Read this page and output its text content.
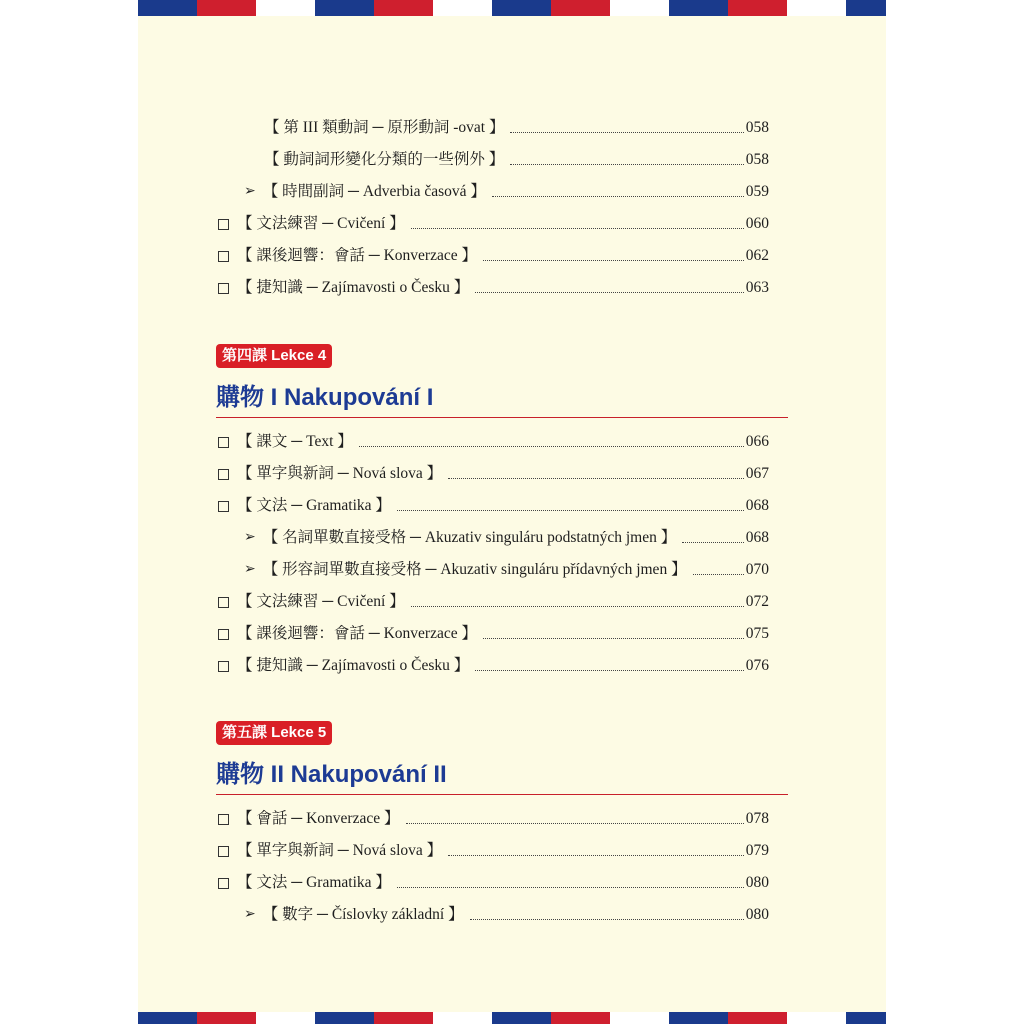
【 第 III 類動詞 ─ 原形動詞 -ovat 】	058
【 動詞詞形變化分類的一些例外 】	058
➢ 【 時間副詞 ─ Adverbia časová 】	059
【 文法練習 ─ Cvičení 】	060
【 課後迴響：會話 ─ Konverzace 】	062
【 捷知識 ─ Zajímavosti o Česku 】	063
第四課 Lekce 4
購物 I Nakupování I
【 課文 ─ Text 】	066
【 單字與新詞 ─ Nová slova 】	067
【 文法 ─ Gramatika 】	068
➢ 【 名詞單數直接受格 ─ Akuzativ singuláru podstatných jmen 】	068
➢ 【 形容詞單數直接受格 ─ Akuzativ singuláru přídavných jmen 】	070
【 文法練習 ─ Cvičení 】	072
【 課後迴響：會話 ─ Konverzace 】	075
【 捷知識 ─ Zajímavosti o Česku 】	076
第五課 Lekce 5
購物 II Nakupování II
【 會話 ─ Konverzace 】	078
【 單字與新詞 ─ Nová slova 】	079
【 文法 ─ Gramatika 】	080
➢ 【 數字 ─ Číslovky základní 】	080
